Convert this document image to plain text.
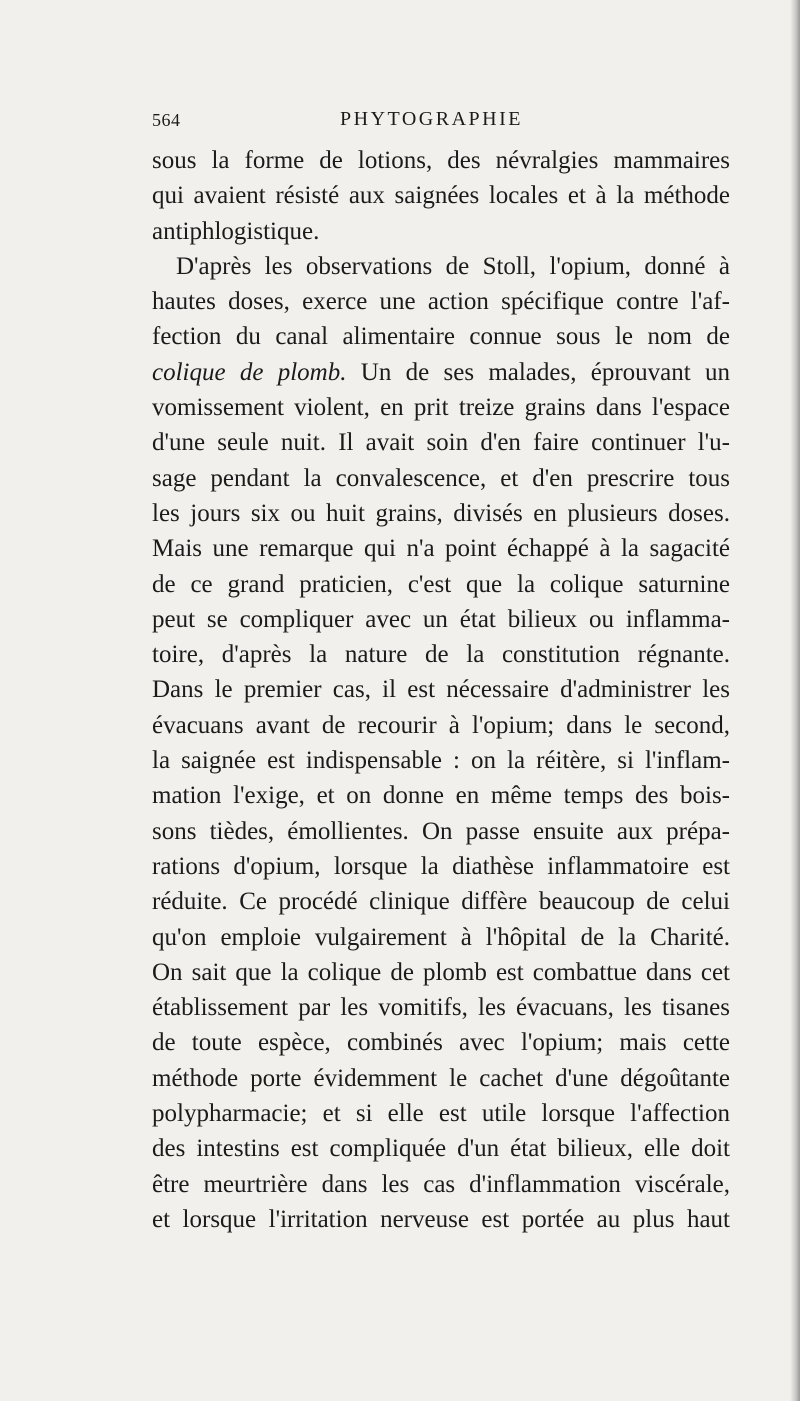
564	PHYTOGRAPHIE
sous la forme de lotions, des névralgies mammaires
qui avaient résisté aux saignées locales et à la méthode
antiphlogistique.
D'après les observations de Stoll, l'opium, donné à
hautes doses, exerce une action spécifique contre l'af-
fection du canal alimentaire connue sous le nom de
colique de plomb. Un de ses malades, éprouvant un
vomissement violent, en prit treize grains dans l'espace
d'une seule nuit. Il avait soin d'en faire continuer l'u-
sage pendant la convalescence, et d'en prescrire tous
les jours six ou huit grains, divisés en plusieurs doses.
Mais une remarque qui n'a point échappé à la sagacité
de ce grand praticien, c'est que la colique saturnine
peut se compliquer avec un état bilieux ou inflamma-
toire, d'après la nature de la constitution régnante.
Dans le premier cas, il est nécessaire d'administrer les
évacuans avant de recourir à l'opium; dans le second,
la saignée est indispensable : on la réitère, si l'inflam-
mation l'exige, et on donne en même temps des bois-
sons tièdes, émollientes. On passe ensuite aux prépa-
rations d'opium, lorsque la diathèse inflammatoire est
réduite. Ce procédé clinique diffère beaucoup de celui
qu'on emploie vulgairement à l'hôpital de la Charité.
On sait que la colique de plomb est combattue dans cet
établissement par les vomitifs, les évacuans, les tisanes
de toute espèce, combinés avec l'opium; mais cette
méthode porte évidemment le cachet d'une dégoûtante
polypharmacie; et si elle est utile lorsque l'affection
des intestins est compliquée d'un état bilieux, elle doit
être meurtrière dans les cas d'inflammation viscérale,
et lorsque l'irritation nerveuse est portée au plus haut
